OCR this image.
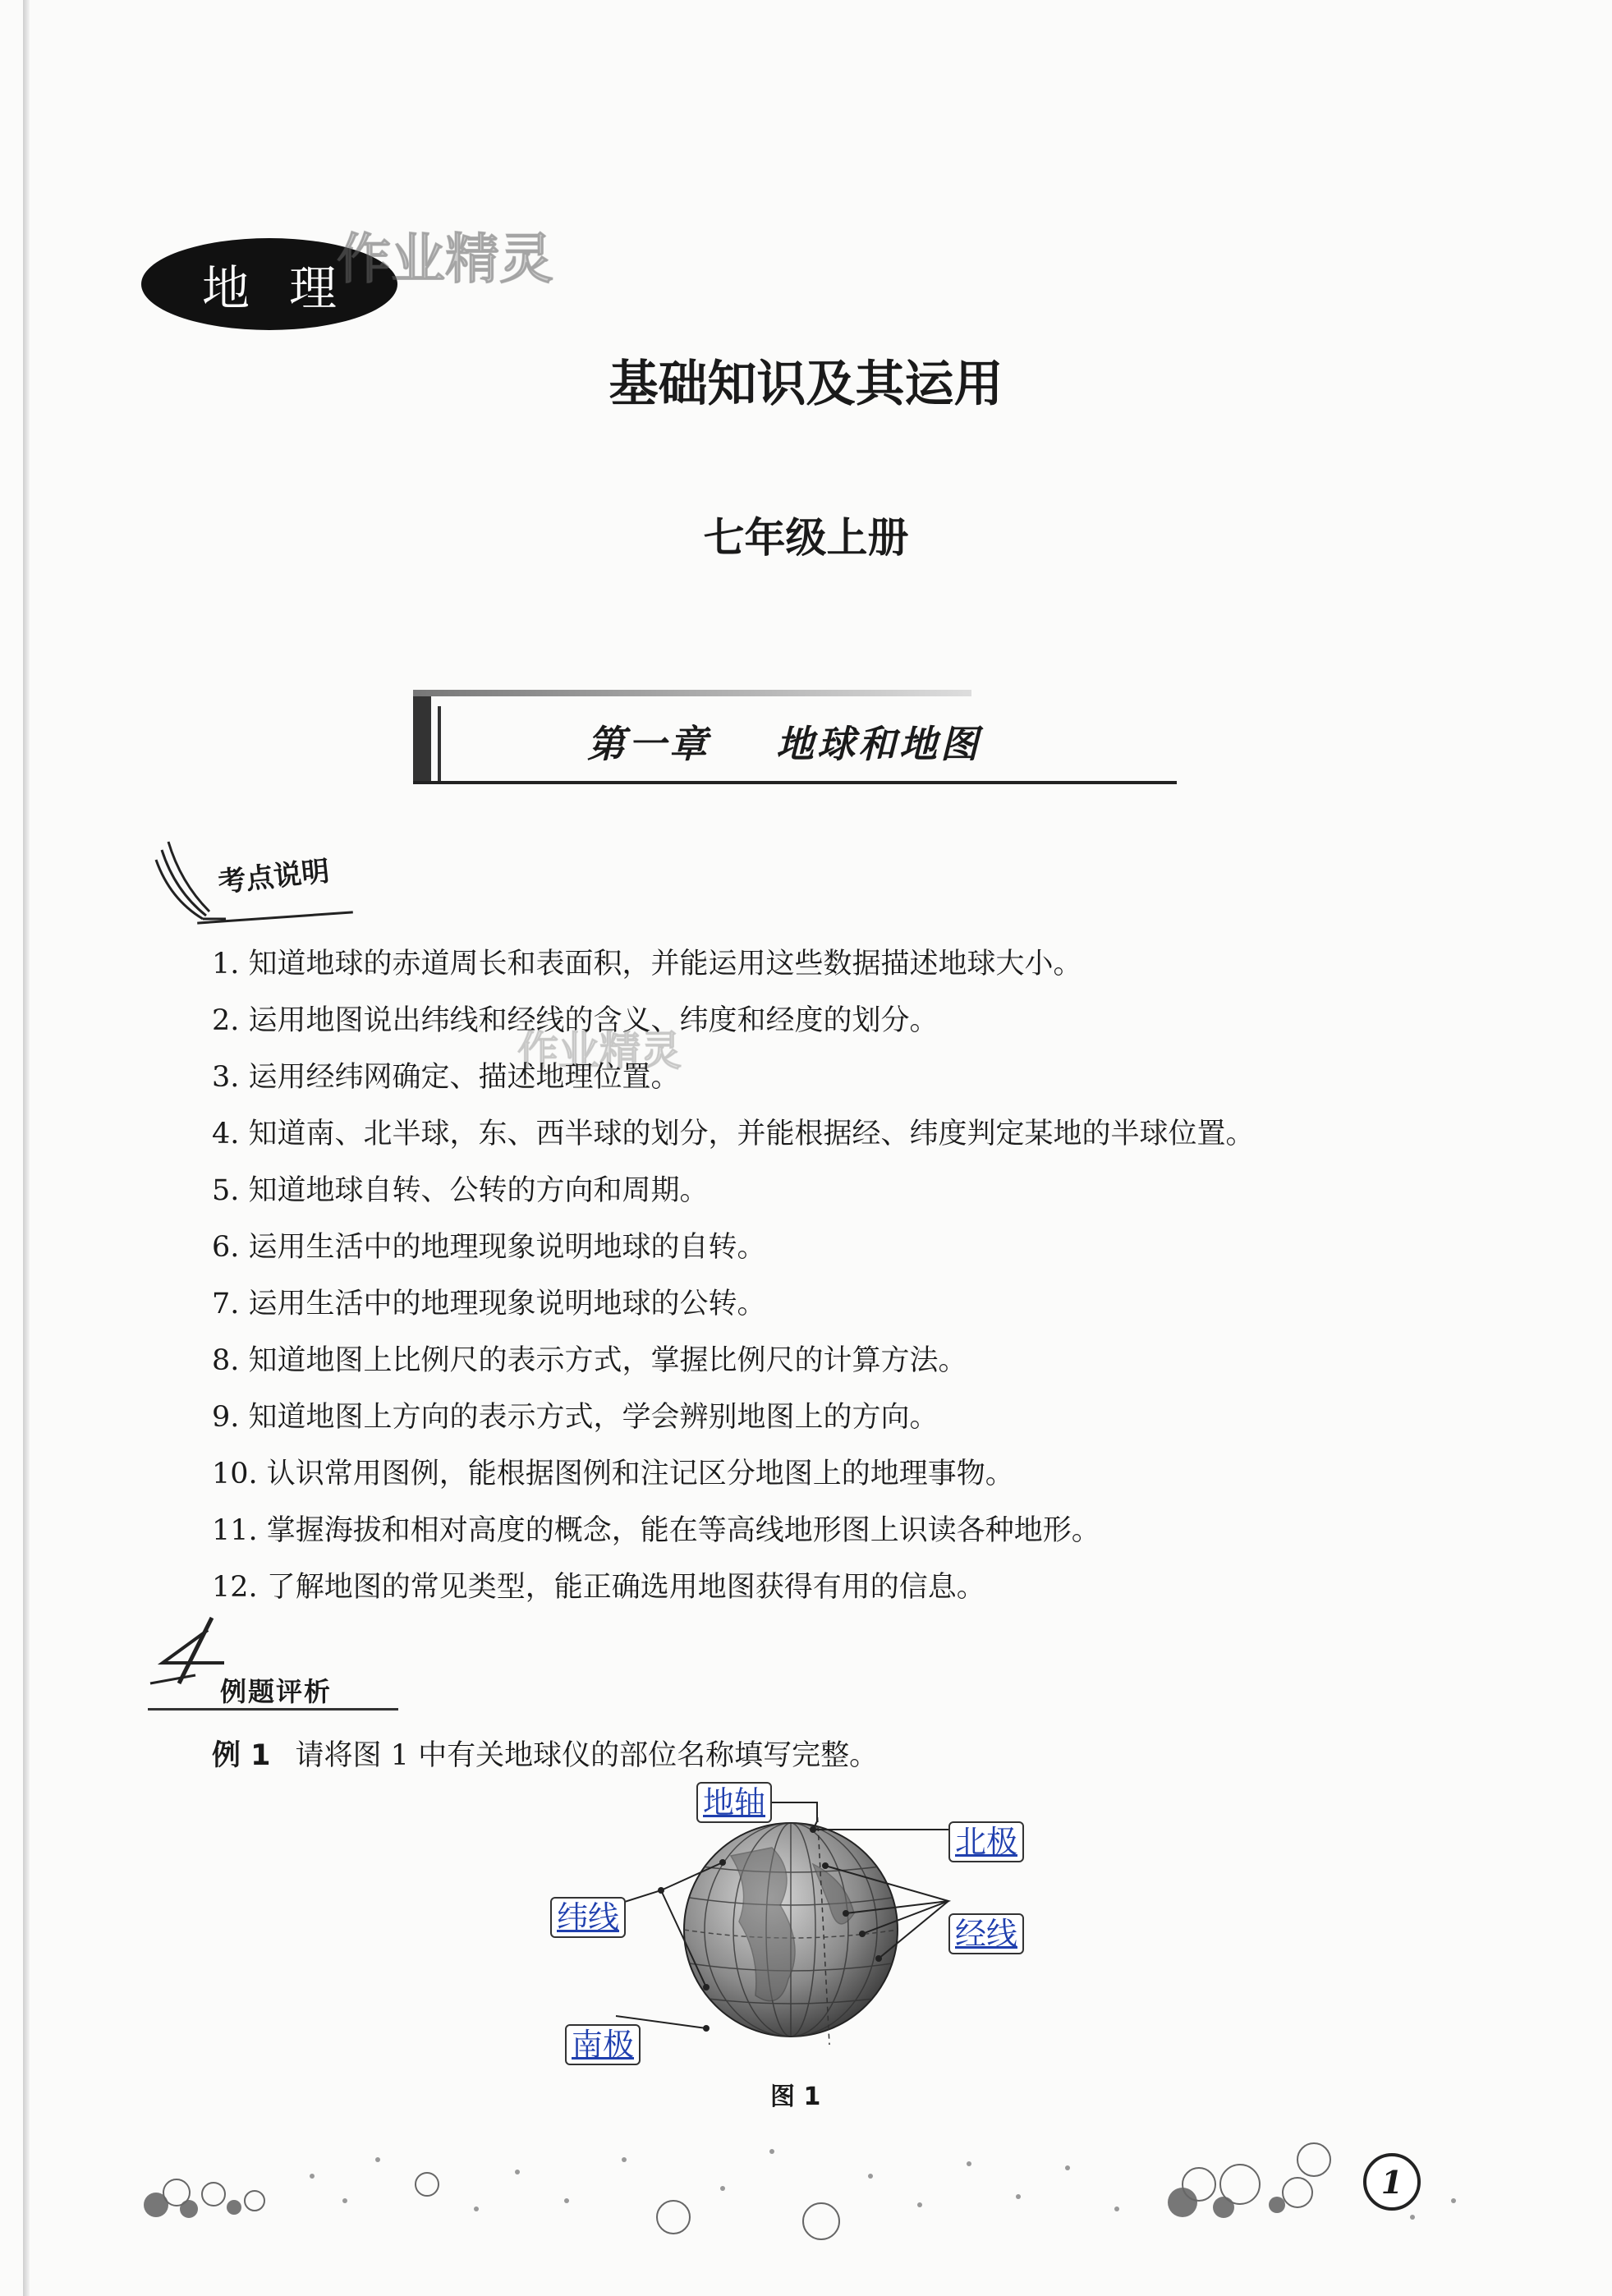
地理
作业精灵
作业精灵
基础知识及其运用
七年级上册
第一章    地球和地图
考点说明
1. 知道地球的赤道周长和表面积，并能运用这些数据描述地球大小。
2. 运用地图说出纬线和经线的含义、纬度和经度的划分。
3. 运用经纬网确定、描述地理位置。
4. 知道南、北半球，东、西半球的划分，并能根据经、纬度判定某地的半球位置。
5. 知道地球自转、公转的方向和周期。
6. 运用生活中的地理现象说明地球的自转。
7. 运用生活中的地理现象说明地球的公转。
8. 知道地图上比例尺的表示方式，掌握比例尺的计算方法。
9. 知道地图上方向的表示方式，学会辨别地图上的方向。
10. 认识常用图例，能根据图例和注记区分地图上的地理事物。
11. 掌握海拔和相对高度的概念，能在等高线地形图上识读各种地形。
12. 了解地图的常见类型，能正确选用地图获得有用的信息。
例题评析
例 1 请将图 1 中有关地球仪的部位名称填写完整。
地轴
北极
纬线	经线
南极
图 1
1
